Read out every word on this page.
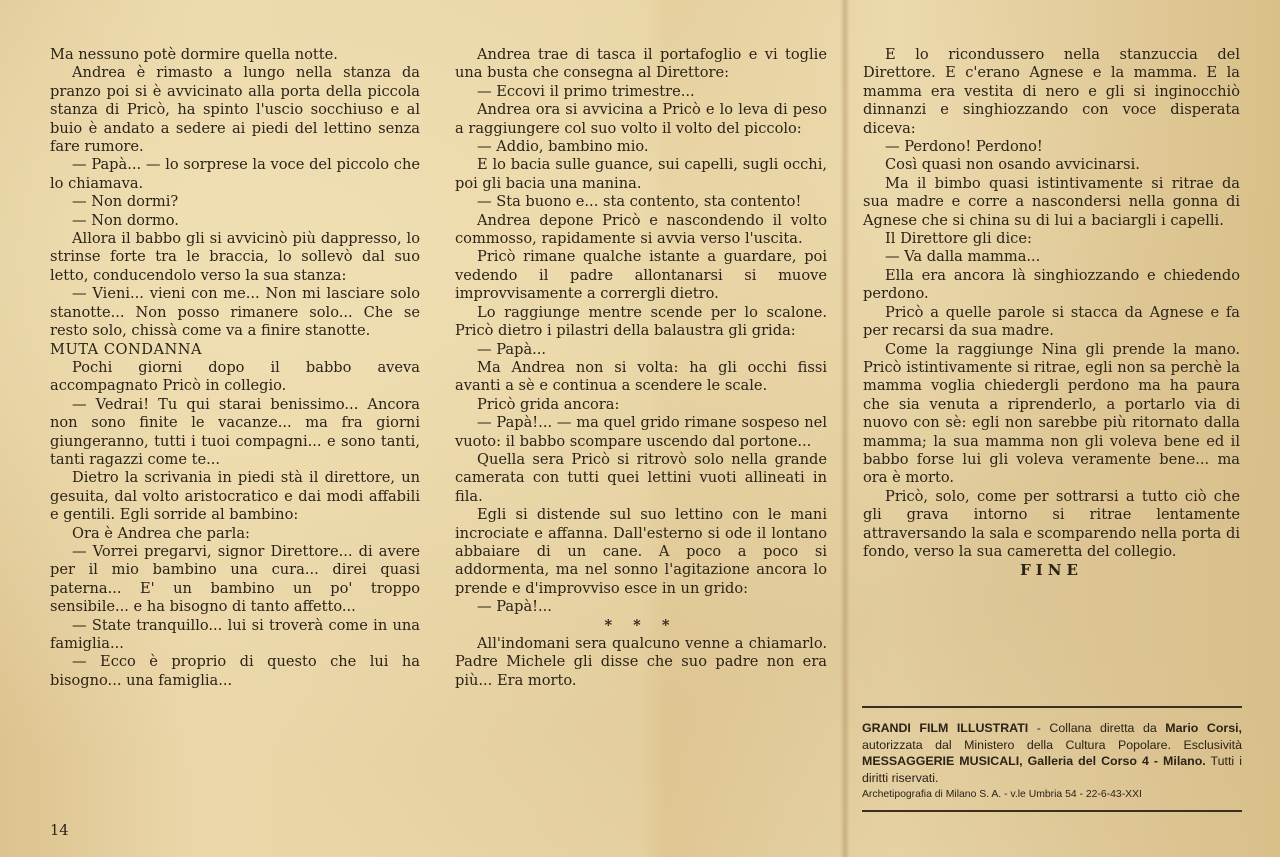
Ma nessuno potè dormire quella notte.

Andrea è rimasto a lungo nella stanza da pranzo poi si è avvicinato alla porta della piccola stanza di Pricò, ha spinto l'uscio socchiuso e al buio è andato a sedere ai piedi del lettino senza fare rumore.

— Papà... — lo sorprese la voce del piccolo che lo chiamava.

— Non dormi?

— Non dormo.

Allora il babbo gli si avvicinò più dappresso, lo strinse forte tra le braccia, lo sollevò dal suo letto, conducendolo verso la sua stanza:

— Vieni... vieni con me... Non mi lasciare solo stanotte... Non posso rimanere solo... Che se resto solo, chissà come va a finire stanotte.

MUTA CONDANNA

Pochi giorni dopo il babbo aveva accompagnato Pricò in collegio.

— Vedrai! Tu qui starai benissimo... Ancora non sono finite le vacanze... ma fra giorni giungeranno, tutti i tuoi compagni... e sono tanti, tanti ragazzi come te...

Dietro la scrivania in piedi stà il direttore, un gesuita, dal volto aristocratico e dai modi affabili e gentili. Egli sorride al bambino:

Ora è Andrea che parla:

— Vorrei pregarvi, signor Direttore... di avere per il mio bambino una cura... direi quasi paterna... E' un bambino un po' troppo sensibile... e ha bisogno di tanto affetto...

— State tranquillo... lui si troverà come in una famiglia...

— Ecco è proprio di questo che lui ha bisogno... una famiglia...

Andrea trae di tasca il portafoglio e vi toglie una busta che consegna al Direttore:

— Eccovi il primo trimestre...

Andrea ora si avvicina a Pricò e lo leva di peso a raggiungere col suo volto il volto del piccolo:

— Addio, bambino mio.

E lo bacia sulle guance, sui capelli, sugli occhi, poi gli bacia una manina.

— Sta buono e... sta contento, sta contento!

Andrea depone Pricò e nascondendo il volto commosso, rapidamente si avvia verso l'uscita.

Pricò rimane qualche istante a guardare, poi vedendo il padre allontanarsi si muove improvvisamente a corrergli dietro.

Lo raggiunge mentre scende per lo scalone. Pricò dietro i pilastri della balaustra gli grida:

— Papà...

Ma Andrea non si volta: ha gli occhi fissi avanti a sè e continua a scendere le scale.

Pricò grida ancora:

— Papà!... — ma quel grido rimane sospeso nel vuoto: il babbo scompare uscendo dal portone...

Quella sera Pricò si ritrovò solo nella grande camerata con tutti quei lettini vuoti allineati in fila.

Egli si distende sul suo lettino con le mani incrociate e affanna. Dall'esterno si ode il lontano abbaiare di un cane. A poco a poco si addormenta, ma nel sonno l'agitazione ancora lo prende e d'improvviso esce in un grido:

— Papà!...

* * *

All'indomani sera qualcuno venne a chiamarlo. Padre Michele gli disse che suo padre non era più... Era morto.

E lo ricondussero nella stanzuccia del Direttore. E c'erano Agnese e la mamma. E la mamma era vestita di nero e gli si inginocchiò dinnanzi e singhiozzando con voce disperata diceva:

— Perdono! Perdono!

Così quasi non osando avvicinarsi.

Ma il bimbo quasi istintivamente si ritrae da sua madre e corre a nascondersi nella gonna di Agnese che si china su di lui a baciargli i capelli.

Il Direttore gli dice:

— Va dalla mamma...

Ella era ancora là singhiozzando e chiedendo perdono.

Pricò a quelle parole si stacca da Agnese e fa per recarsi da sua madre.

Come la raggiunge Nina gli prende la mano. Pricò istintivamente si ritrae, egli non sa perchè la mamma voglia chiedergli perdono ma ha paura che sia venuta a riprenderlo, a portarlo via di nuovo con sè: egli non sarebbe più ritornato dalla mamma; la sua mamma non gli voleva bene ed il babbo forse lui gli voleva veramente bene... ma ora è morto.

Pricò, solo, come per sottrarsi a tutto ciò che gli grava intorno si ritrae lentamente attraversando la sala e scomparendo nella porta di fondo, verso la sua cameretta del collegio.

FINE

14
GRANDI FILM ILLUSTRATI - Collana diretta da Mario Corsi, autorizzata dal Ministero della Cultura Popolare. Esclusività MESSAGGERIE MUSICALI, Galleria del Corso 4 - Milano. Tutti i diritti riservati.
Archetipografia di Milano S. A. - v.le Umbria 54 - 22-6-43-XXI
